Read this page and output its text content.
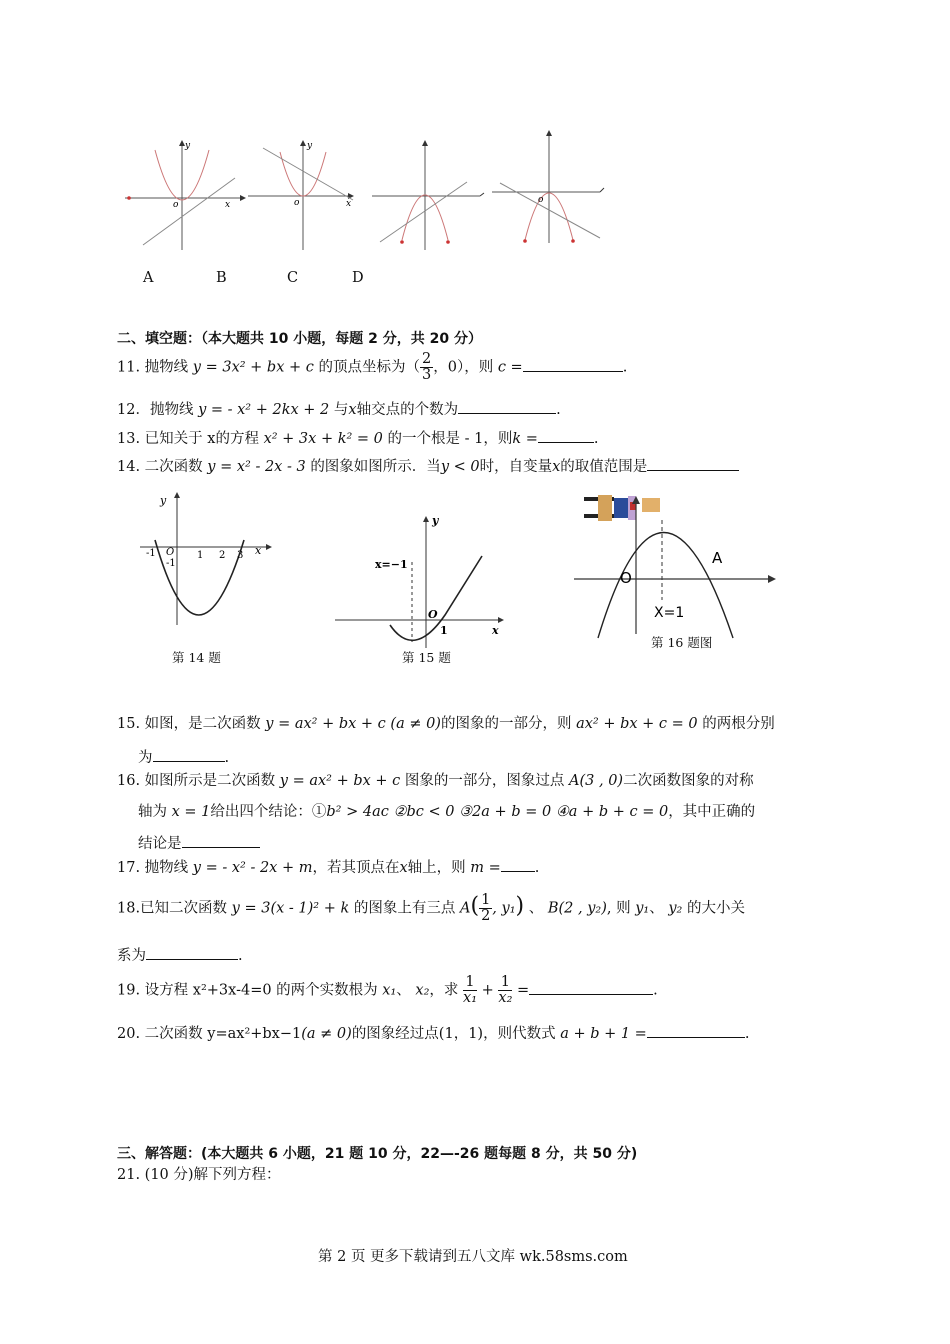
y
o	x
y
o	x	o
A	B	C	D
二、填空题：（本大题共 10 小题，每题 2 分，共 20 分）
11. 抛物线 y = 3x² + bx + c 的顶点坐标为（ $\frac{2}{3}$ ，0），则 c =	.
12．抛物线 y = - x² + 2kx + 2 与x轴交点的个数为	.
13. 已知关于 x的方程 x² + 3x + k² = 0 的一个根是 - 1，则k =	.
14. 二次函数 y = x² - 2x - 3 的图象如图所示．当y < 0时，自变量x的取值范围是
y
x
-1 O 1 2 3
-1
第 14 题
x=−1
O
1	x
y
第 15 题
O
A
X=1
第 16 题图
15. 如图，是二次函数 y = ax² + bx + c (a ≠ 0)的图象的一部分，则 ax² + bx + c = 0 的两根分别
为	.
16. 如图所示是二次函数 y = ax² + bx + c 图象的一部分，图象过点 A(3 , 0)二次函数图象的对称
轴为 x = 1给出四个结论：①b² > 4ac ②bc < 0 ③2a + b = 0 ④a + b + c = 0，其中正确的
结论是
17. 抛物线 y = - x² - 2x + m，若其顶点在x轴上，则 m = .
18.已知二次函数 y = 3(x - 1)² + k 的图象上有三点 $A( \frac{1}{2}$ , y₁) 、 B(2 , y₂), 则 y₁、 y₂ 的大小关
系为	.
19. 设方程 x²+3x-4=0 的两个实数根为 x₁、 x₂，求 $\frac{1}{\text{x₁}} + \frac{1}{\text{x₂}}$ =	.
20. 二次函数 y=ax²+bx−1(a ≠ 0)的图象经过点(1，1)，则代数式 a + b + 1 =	.
三、解答题：(本大题共 6 小题，21 题 10 分，22—-26 题每题 8 分，共 50 分)
21. (10 分)解下列方程：
第 2 页 更多下载请到五八文库 wk.58sms.com
